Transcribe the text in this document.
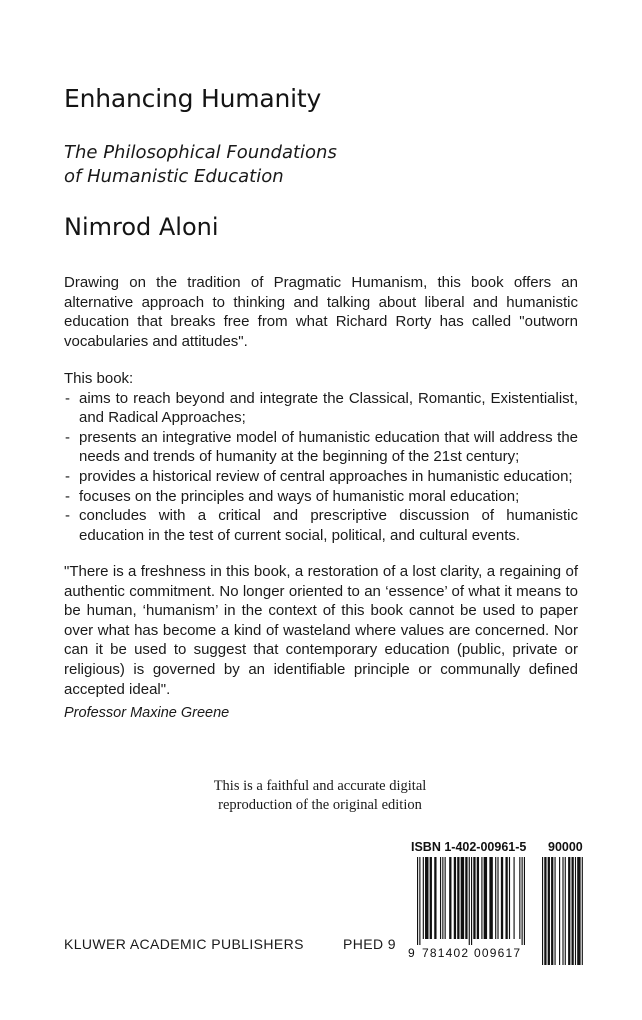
Enhancing Humanity
The Philosophical Foundations
of Humanistic Education
Nimrod Aloni

Drawing on the tradition of Pragmatic Humanism, this book offers an alternative approach to thinking and talking about liberal and humanistic education that breaks free from what Richard Rorty has called "outworn vocabularies and attitudes".

This book:

- aims to reach beyond and integrate the Classical, Romantic, Existentialist, and Radical Approaches;
- presents an integrative model of humanistic education that will address the needs and trends of humanity at the beginning of the 21st century;
- provides a historical review of central approaches in humanistic education;
- focuses on the principles and ways of humanistic moral education;
- concludes with a critical and prescriptive discussion of humanistic education in the test of current social, political, and cultural events.

"There is a freshness in this book, a restoration of a lost clarity, a regaining of authentic commitment. No longer oriented to an ‘essence’ of what it means to be human, ‘humanism’ in the context of this book cannot be used to paper over what has become a kind of wasteland where values are concerned. Nor can it be used to suggest that contemporary education (public, private or religious) is governed by an identifiable principle or communally defined accepted ideal".

Professor Maxine Greene
This is a faithful and accurate digital
reproduction of the original edition
KLUWER ACADEMIC PUBLISHERS	PHED 9
ISBN 1-402-00961-5 90000
9 781402 009617
